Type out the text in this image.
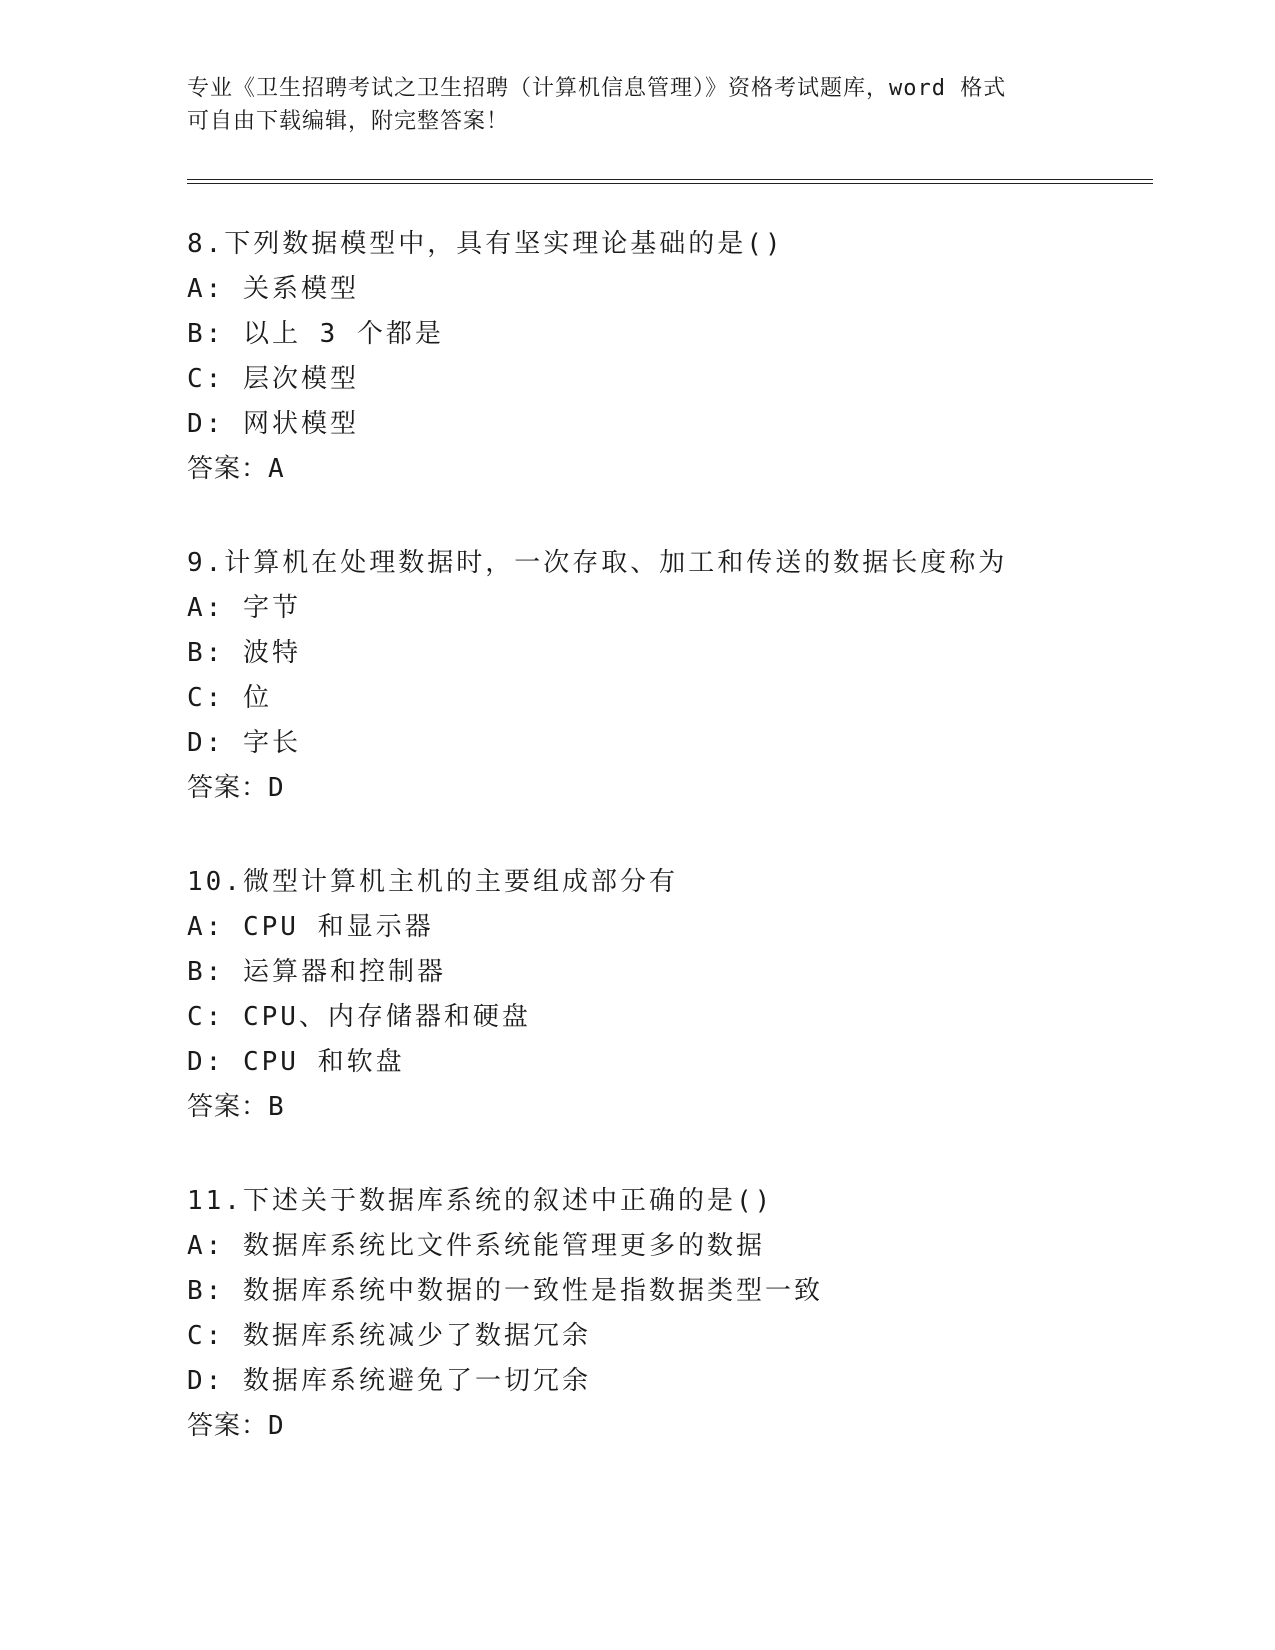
专业《卫生招聘考试之卫生招聘（计算机信息管理）》资格考试题库，word 格式
可自由下载编辑，附完整答案！
8.下列数据模型中，具有坚实理论基础的是()
A: 关系模型
B: 以上 3 个都是
C: 层次模型
D: 网状模型
答案：A
9.计算机在处理数据时，一次存取、加工和传送的数据长度称为
A: 字节
B: 波特
C: 位
D: 字长
答案：D
10.微型计算机主机的主要组成部分有
A: CPU 和显示器
B: 运算器和控制器
C: CPU、内存储器和硬盘
D: CPU 和软盘
答案：B
11.下述关于数据库系统的叙述中正确的是()
A: 数据库系统比文件系统能管理更多的数据
B: 数据库系统中数据的一致性是指数据类型一致
C: 数据库系统减少了数据冗余
D: 数据库系统避免了一切冗余
答案：D
